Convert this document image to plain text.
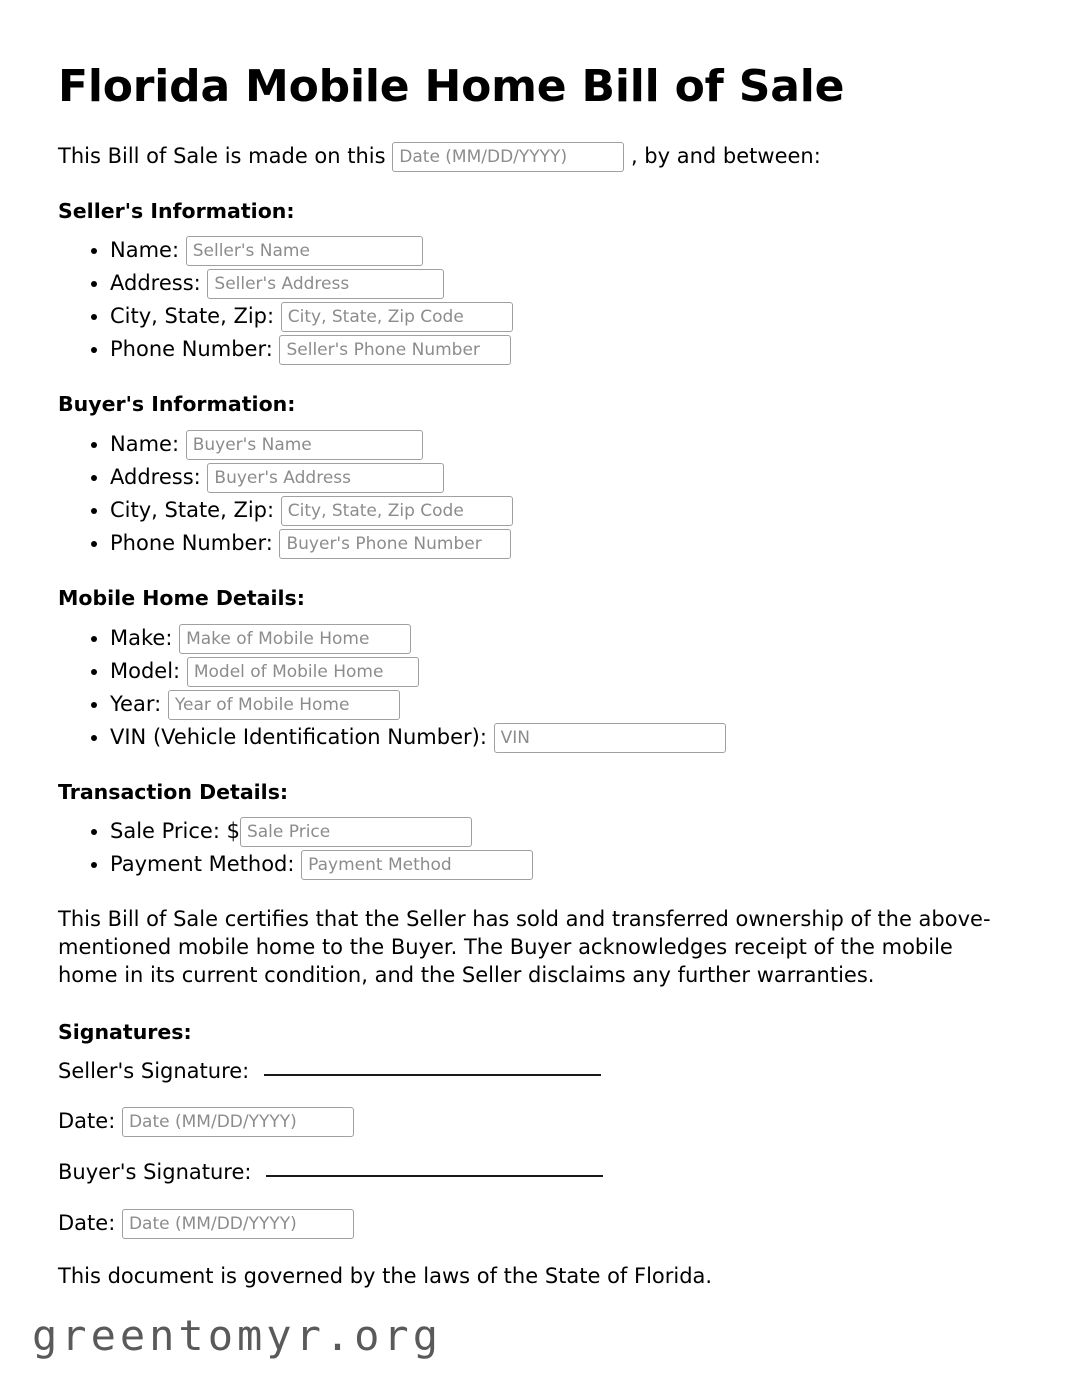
Florida Mobile Home Bill of Sale
This Bill of Sale is made on this Date (MM/DD/YYYY)	, by and between:
Seller's Information:
• Name: Seller's Name
• Address: Seller's Address
• City, State, Zip: City, State, Zip Code
• Phone Number: Seller's Phone Number
Buyer's Information:
• Name: Buyer's Name
• Address: Buyer's Address
• City, State, Zip: City, State, Zip Code
• Phone Number: Buyer's Phone Number
Mobile Home Details:
• Make: Make of Mobile Home
• Model: Model of Mobile Home
• Year: Year of Mobile Home
• VIN (Vehicle Identification Number): VIN
Transaction Details:
• Sale Price: $Sale Price
• Payment Method: Payment Method

This Bill of Sale certifies that the Seller has sold and transferred ownership of the above-mentioned mobile home to the Buyer. The Buyer acknowledges receipt of the mobile home in its current condition, and the Seller disclaims any further warranties.

Signatures:
Seller's Signature:
Date: Date (MM/DD/YYYY)
Buyer's Signature:
Date: Date (MM/DD/YYYY)

This document is governed by the laws of the State of Florida.

greentomyr.org
